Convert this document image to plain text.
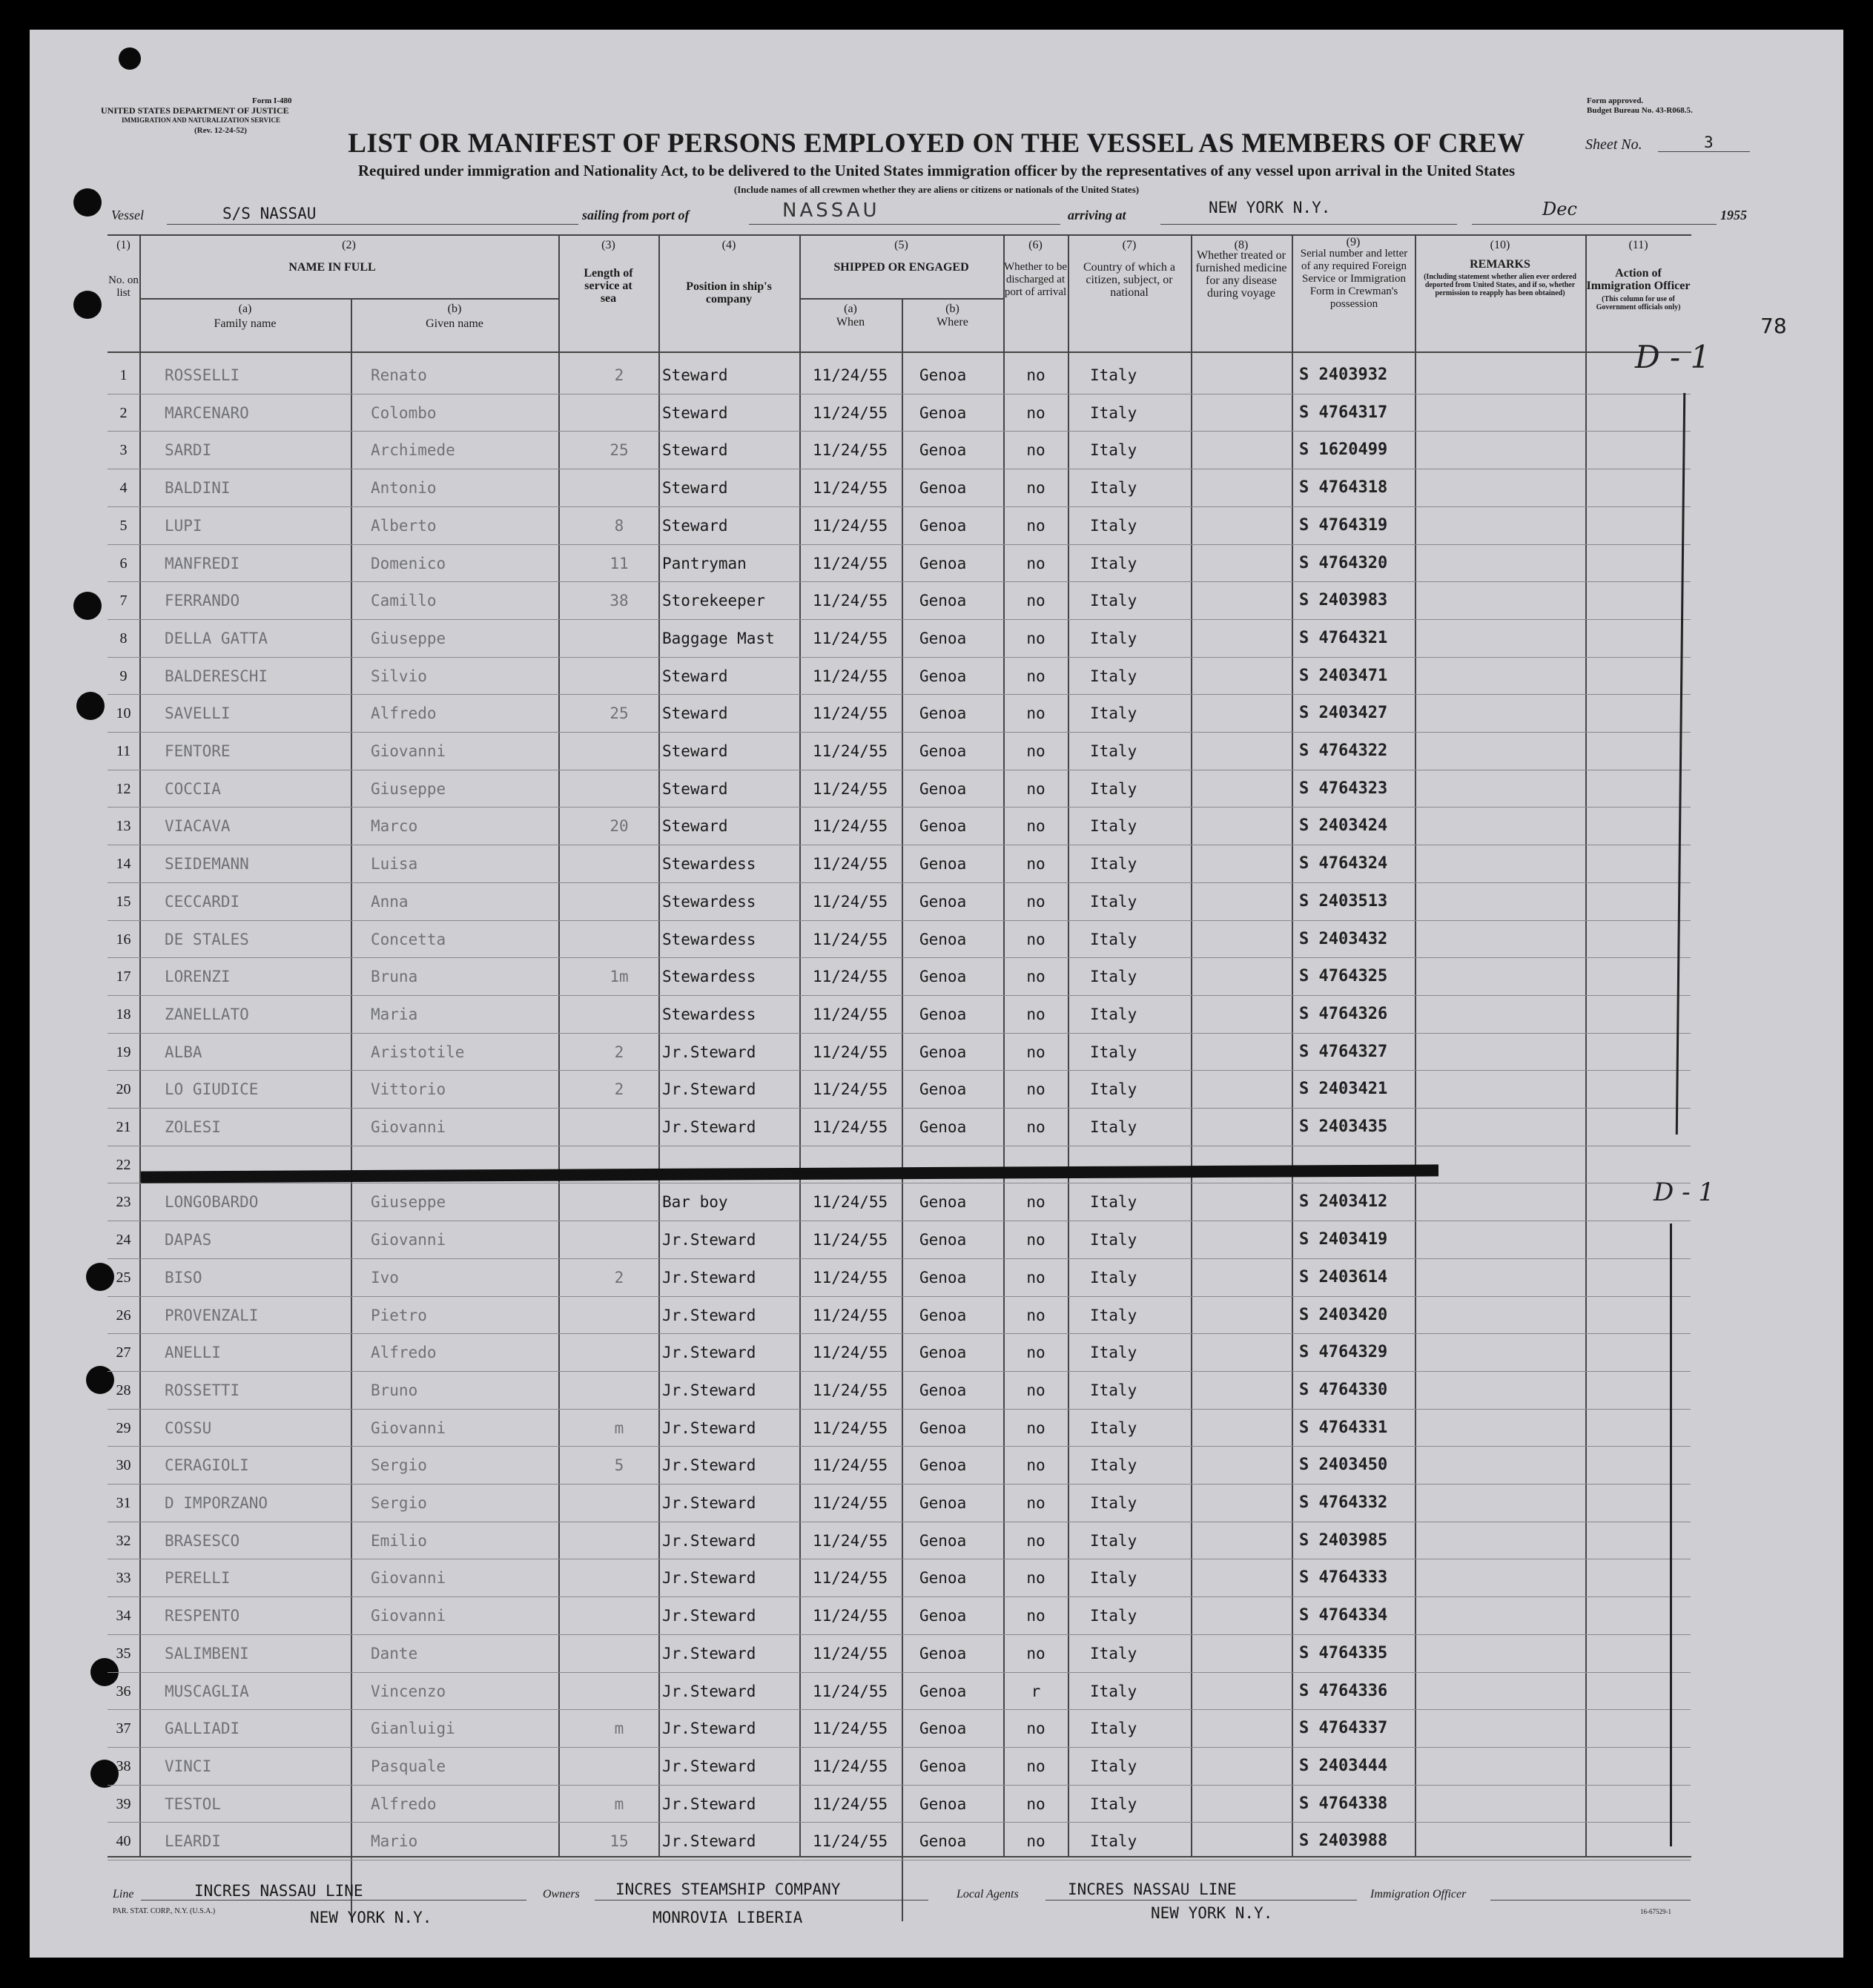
Form I-480
UNITED STATES DEPARTMENT OF JUSTICE
IMMIGRATION AND NATURALIZATION SERVICE
(Rev. 12-24-52)
Form approved.
Budget Bureau No. 43-R068.5.
LIST OR MANIFEST OF PERSONS EMPLOYED ON THE VESSEL AS MEMBERS OF CREW	Sheet No.	3
Required under immigration and Nationality Act, to be delivered to the United States immigration officer by the representatives of any vessel upon arrival in the United States
(Include names of all crewmen whether they are aliens or citizens or nationals of the United States)
Vessel	S/S NASSAU	sailing from port of	NASSAU	arriving at	NEW YORK N.Y.	Dec	1955
(1)
No. on list
(2)
NAME IN FULL
(a)
Family name
(b)
Given name
(3)
Length of service at sea
(4)
Position in ship's company
(5)
SHIPPED OR ENGAGED
(a)
When
(b)
Where
(6)
Whether to be discharged at port of arrival
(7)
Country of which a citizen, subject, or national
(8)
Whether treated or furnished medicine for any disease during voyage
(9)
Serial number and letter of any required Foreign Service or Immigration Form in Crewman's possession
(10)
REMARKS
(Including statement whether alien ever ordered deported from United States, and if so, whether permission to reapply has been obtained)
(11)
Action of Immigration Officer
(This column for use of Government officials only)
78
1	ROSSELLI	Renato	2	Steward	11/24/55	Genoa	no	Italy	S 2403932
2	MARCENARO	Colombo	Steward	11/24/55	Genoa	no	Italy	S 4764317
3	SARDI	Archimede	25	Steward	11/24/55	Genoa	no	Italy	S 1620499
4	BALDINI	Antonio	Steward	11/24/55	Genoa	no	Italy	S 4764318
5	LUPI	Alberto	8	Steward	11/24/55	Genoa	no	Italy	S 4764319
6	MANFREDI	Domenico	11	Pantryman	11/24/55	Genoa	no	Italy	S 4764320
7	FERRANDO	Camillo	38	Storekeeper	11/24/55	Genoa	no	Italy	S 2403983
8	DELLA GATTA	Giuseppe	Baggage Mast	11/24/55	Genoa	no	Italy	S 4764321
9	BALDERESCHI	Silvio	Steward	11/24/55	Genoa	no	Italy	S 2403471
10	SAVELLI	Alfredo	25	Steward	11/24/55	Genoa	no	Italy	S 2403427
11	FENTORE	Giovanni	Steward	11/24/55	Genoa	no	Italy	S 4764322
12	COCCIA	Giuseppe	Steward	11/24/55	Genoa	no	Italy	S 4764323
13	VIACAVA	Marco	20	Steward	11/24/55	Genoa	no	Italy	S 2403424
14	SEIDEMANN	Luisa	Stewardess	11/24/55	Genoa	no	Italy	S 4764324
15	CECCARDI	Anna	Stewardess	11/24/55	Genoa	no	Italy	S 2403513
16	DE STALES	Concetta	Stewardess	11/24/55	Genoa	no	Italy	S 2403432
17	LORENZI	Bruna	1m	Stewardess	11/24/55	Genoa	no	Italy	S 4764325
18	ZANELLATO	Maria	Stewardess	11/24/55	Genoa	no	Italy	S 4764326
19	ALBA	Aristotile	2	Jr.Steward	11/24/55	Genoa	no	Italy	S 4764327
20	LO GIUDICE	Vittorio	2	Jr.Steward	11/24/55	Genoa	no	Italy	S 2403421
21	ZOLESI	Giovanni	Jr.Steward	11/24/55	Genoa	no	Italy	S 2403435
22
23	LONGOBARDO	Giuseppe	Bar boy	11/24/55	Genoa	no	Italy	S 2403412
24	DAPAS	Giovanni	Jr.Steward	11/24/55	Genoa	no	Italy	S 2403419
25	BISO	Ivo	2	Jr.Steward	11/24/55	Genoa	no	Italy	S 2403614
26	PROVENZALI	Pietro	Jr.Steward	11/24/55	Genoa	no	Italy	S 2403420
27	ANELLI	Alfredo	Jr.Steward	11/24/55	Genoa	no	Italy	S 4764329
28	ROSSETTI	Bruno	Jr.Steward	11/24/55	Genoa	no	Italy	S 4764330
29	COSSU	Giovanni	m	Jr.Steward	11/24/55	Genoa	no	Italy	S 4764331
30	CERAGIOLI	Sergio	5	Jr.Steward	11/24/55	Genoa	no	Italy	S 2403450
31	D IMPORZANO	Sergio	Jr.Steward	11/24/55	Genoa	no	Italy	S 4764332
32	BRASESCO	Emilio	Jr.Steward	11/24/55	Genoa	no	Italy	S 2403985
33	PERELLI	Giovanni	Jr.Steward	11/24/55	Genoa	no	Italy	S 4764333
34	RESPENTO	Giovanni	Jr.Steward	11/24/55	Genoa	no	Italy	S 4764334
35	SALIMBENI	Dante	Jr.Steward	11/24/55	Genoa	no	Italy	S 4764335
36	MUSCAGLIA	Vincenzo	Jr.Steward	11/24/55	Genoa	r	Italy	S 4764336
37	GALLIADI	Gianluigi	m	Jr.Steward	11/24/55	Genoa	no	Italy	S 4764337
38	VINCI	Pasquale	Jr.Steward	11/24/55	Genoa	no	Italy	S 2403444
39	TESTOL	Alfredo	m	Jr.Steward	11/24/55	Genoa	no	Italy	S 4764338
40	LEARDI	Mario	15	Jr.Steward	11/24/55	Genoa	no	Italy	S 2403988
D - 1
D - 1
Line	INCRES NASSAU LINE
NEW YORK N.Y.
Owners INCRES STEAMSHIP COMPANY
MONROVIA LIBERIA
Local Agents	INCRES NASSAU LINE
NEW YORK N.Y.
Immigration Officer
PAR. STAT. CORP., N.Y. (U.S.A.)	16-67529-1
